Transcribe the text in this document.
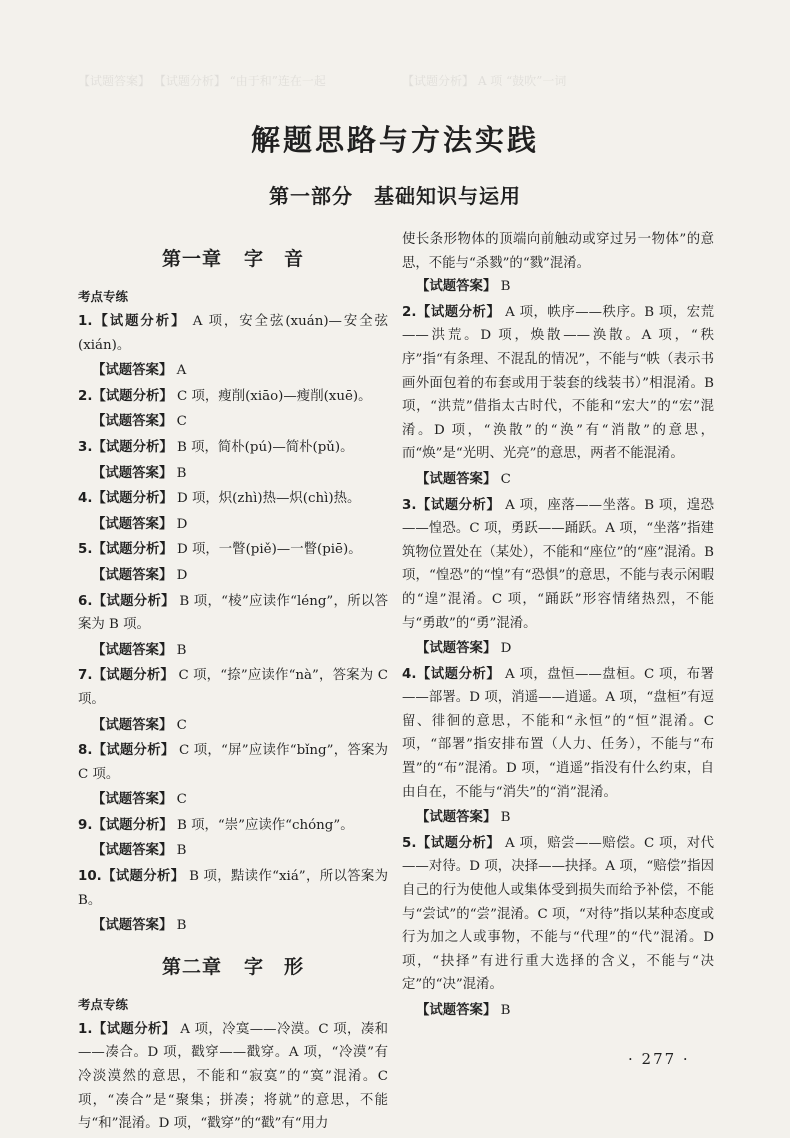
【试题答案】 【试题分析】 “由于和”连在一起	【试题分析】 A 项 “鼓吹”一词
解题思路与方法实践
第一部分　基础知识与运用
第一章 字　音
考点专练
1.【试题分析】 A 项，安全弦(xuán)—安全弦(xián)。
【试题答案】 A
2.【试题分析】 C 项，瘦削(xiāo)—瘦削(xuē)。
【试题答案】 C
3.【试题分析】 B 项，简朴(pú)—简朴(pǔ)。
【试题答案】 B
4.【试题分析】 D 项，炽(zhì)热—炽(chì)热。
【试题答案】 D
5.【试题分析】 D 项，一瞥(piě)—一瞥(piē)。
【试题答案】 D
6.【试题分析】 B 项，“棱”应读作“léng”，所以答案为 B 项。
【试题答案】 B
7.【试题分析】 C 项，“捺”应读作“nà”，答案为 C 项。
【试题答案】 C
8.【试题分析】 C 项，“屏”应读作“bǐng”，答案为 C 项。
【试题答案】 C
9.【试题分析】 B 项，“崇”应读作“chóng”。
【试题答案】 B
10.【试题分析】 B 项，黠读作“xiá”，所以答案为 B。
【试题答案】 B
第二章 字　形
考点专练
1.【试题分析】 A 项，冷寞——冷漠。C 项，凑和——凑合。D 项，戳穿——戳穿。A 项，“冷漠”有冷淡漠然的意思，不能和“寂寞”的“寞”混淆。C 项，“凑合”是“聚集；拼凑；将就”的意思，不能与“和”混淆。D 项，“戳穿”的“戳”有“用力
使长条形物体的顶端向前触动或穿过另一物体”的意思，不能与“杀戮”的“戮”混淆。
【试题答案】 B
2.【试题分析】 A 项，帙序——秩序。B 项，宏荒——洪荒。D 项，焕散——涣散。A 项，“秩序”指“有条理、不混乱的情况”，不能与“帙（表示书画外面包着的布套或用于装套的线装书）”相混淆。B 项，“洪荒”借指太古时代，不能和“宏大”的“宏”混淆。D 项，“涣散”的“涣”有“消散”的意思，而“焕”是“光明、光亮”的意思，两者不能混淆。
【试题答案】 C
3.【试题分析】 A 项，座落——坐落。B 项，遑恐——惶恐。C 项，勇跃——踊跃。A 项，“坐落”指建筑物位置处在（某处），不能和“座位”的“座”混淆。B 项，“惶恐”的“惶”有“恐惧”的意思，不能与表示闲暇的“遑”混淆。C 项，“踊跃”形容情绪热烈，不能与“勇敢”的“勇”混淆。
【试题答案】 D
4.【试题分析】 A 项，盘恒——盘桓。C 项，布署——部署。D 项，消遥——逍遥。A 项，“盘桓”有逗留、徘徊的意思，不能和“永恒”的“恒”混淆。C 项，“部署”指安排布置（人力、任务），不能与“布置”的“布”混淆。D 项，“逍遥”指没有什么约束，自由自在，不能与“消失”的“消”混淆。
【试题答案】 B
5.【试题分析】 A 项，赔尝——赔偿。C 项，对代——对待。D 项，决择——抉择。A 项，“赔偿”指因自己的行为使他人或集体受到损失而给予补偿，不能与“尝试”的“尝”混淆。C 项，“对待”指以某种态度或行为加之人或事物，不能与“代理”的“代”混淆。D 项，“抉择”有进行重大选择的含义，不能与“决定”的“决”混淆。
【试题答案】 B
· 277 ·
